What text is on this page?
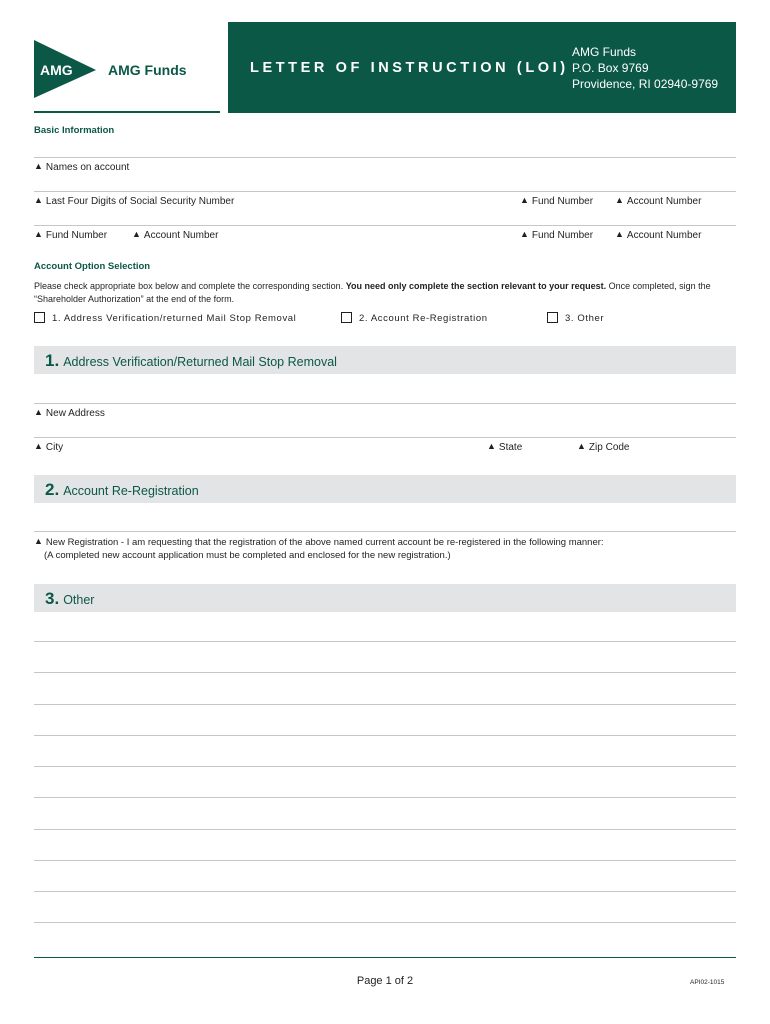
AMG	AMG Funds	LETTER OF INSTRUCTION (LOI)
AMG Funds
P.O. Box 9769
Providence, RI 02940-9769
Basic Information
▲ Names on account
▲ Last Four Digits of Social Security Number	▲ Fund Number ▲ Account Number
▲ Fund Number	▲ Account Number	▲ Fund Number ▲ Account Number
Account Option Selection
Please check appropriate box below and complete the corresponding section. You need only complete the section relevant to your request. Once completed, sign the “Shareholder Authorization” at the end of the form.
1. Address Verification/returned Mail Stop Removal	2. Account Re-Registration	3. Other
1. Address Verification/Returned Mail Stop Removal
▲ New Address
▲ City	▲ State	▲ Zip Code
2. Account Re-Registration
▲ New Registration - I am requesting that the registration of the above named current account be re-registered in the following manner:
(A completed new account application must be completed and enclosed for the new registration.)
3. Other
Page 1 of 2	API02-1015
